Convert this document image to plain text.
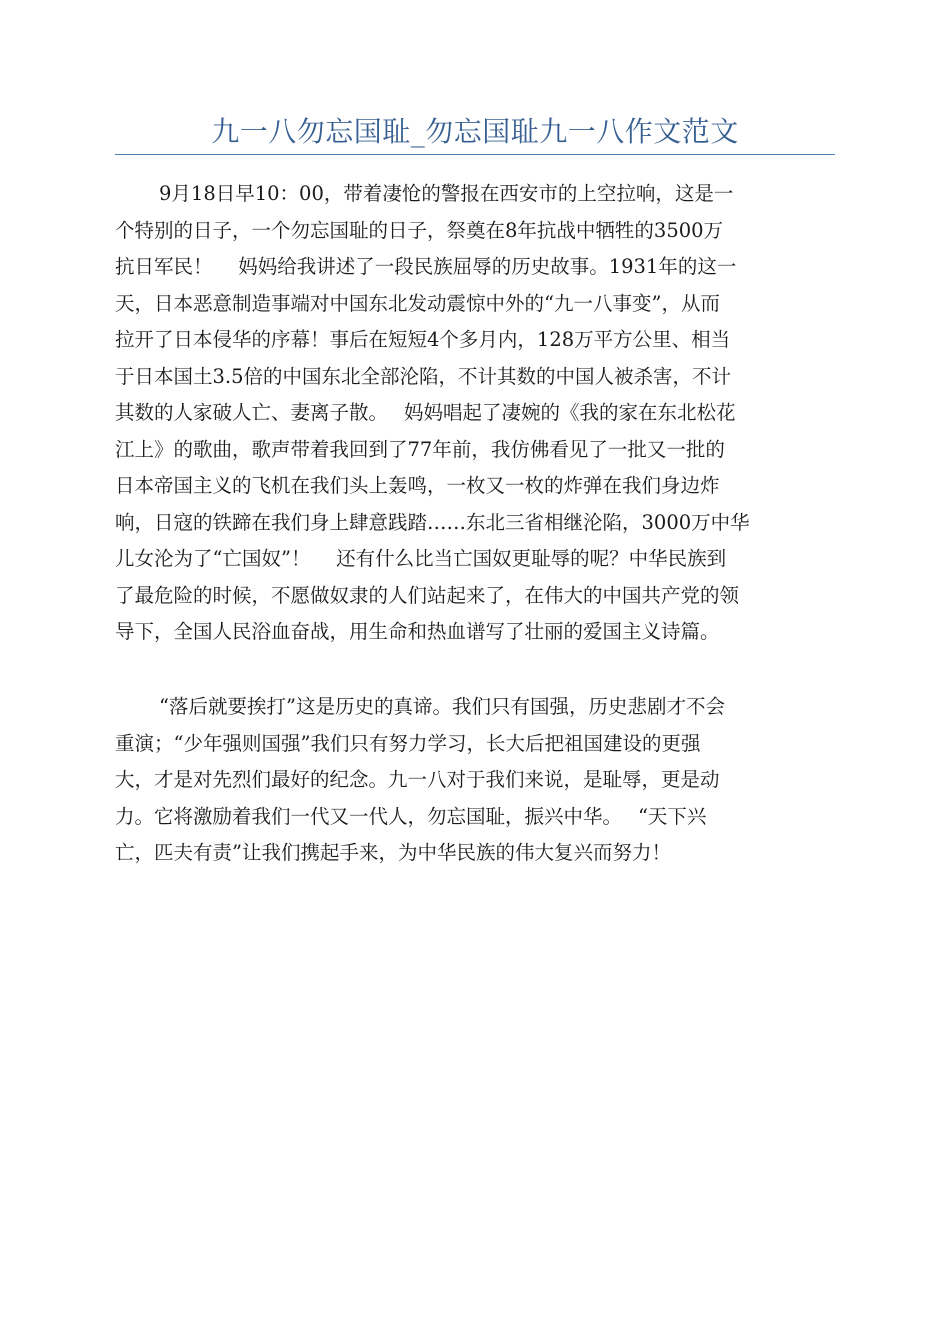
九一八勿忘国耻_勿忘国耻九一八作文范文
9月18日早10：00，带着凄怆的警报在西安市的上空拉响，这是一
个特别的日子，一个勿忘国耻的日子，祭奠在8年抗战中牺牲的3500万
抗日军民！　 妈妈给我讲述了一段民族屈辱的历史故事。1931年的这一
天，日本恶意制造事端对中国东北发动震惊中外的“九一八事变”，从而
拉开了日本侵华的序幕！事后在短短4个多月内，128万平方公里、相当
于日本国土3.5倍的中国东北全部沦陷，不计其数的中国人被杀害，不计
其数的人家破人亡、妻离子散。　 妈妈唱起了凄婉的《我的家在东北松花
江上》的歌曲，歌声带着我回到了77年前，我仿佛看见了一批又一批的
日本帝国主义的飞机在我们头上轰鸣，一枚又一枚的炸弹在我们身边炸
响，日寇的铁蹄在我们身上肆意践踏……东北三省相继沦陷，3000万中华
儿女沦为了“亡国奴”！　 还有什么比当亡国奴更耻辱的呢？中华民族到
了最危险的时候，不愿做奴隶的人们站起来了，在伟大的中国共产党的领
导下，全国人民浴血奋战，用生命和热血谱写了壮丽的爱国主义诗篇。
“落后就要挨打”这是历史的真谛。我们只有国强，历史悲剧才不会
重演；“少年强则国强”我们只有努力学习，长大后把祖国建设的更强
大，才是对先烈们最好的纪念。九一八对于我们来说，是耻辱，更是动
力。它将激励着我们一代又一代人，勿忘国耻，振兴中华。　 “天下兴
亡，匹夫有责”让我们携起手来，为中华民族的伟大复兴而努力！
